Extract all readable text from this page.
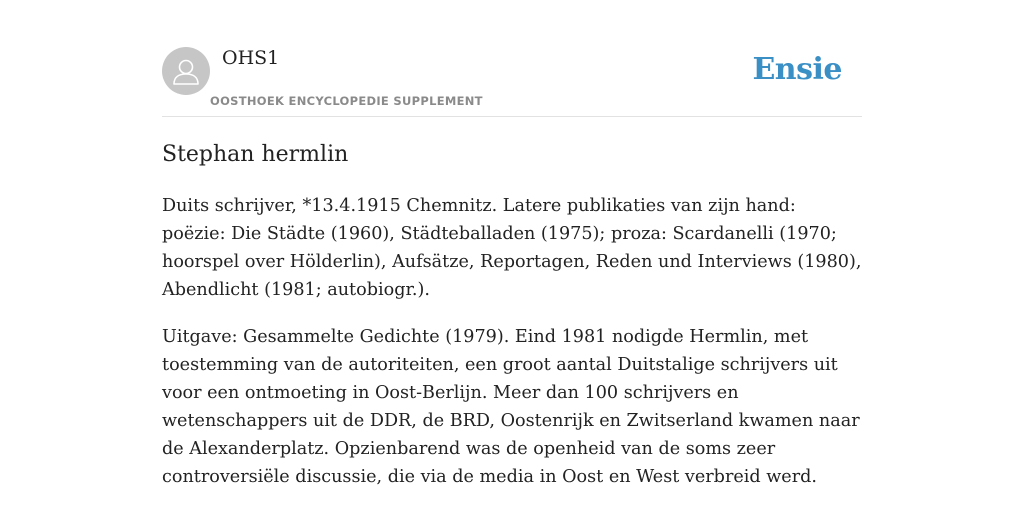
OHS1
OOSTHOEK ENCYCLOPEDIE SUPPLEMENT
Ensie
Stephan hermlin

Duits schrijver, *13.4.1915 Chemnitz. Latere publikaties van zijn hand: poëzie: Die Städte (1960), Städteballaden (1975); proza: Scardanelli (1970; hoorspel over Hölderlin), Aufsätze, Reportagen, Reden und Interviews (1980), Abendlicht (1981; autobiogr.).

Uitgave: Gesammelte Gedichte (1979). Eind 1981 nodigde Hermlin, met toestemming van de autoriteiten, een groot aantal Duitstalige schrijvers uit voor een ontmoeting in Oost-Berlijn. Meer dan 100 schrijvers en wetenschappers uit de DDR, de BRD, Oostenrijk en Zwitserland kwamen naar de Alexanderplatz. Opzienbarend was de openheid van de soms zeer controversiële discussie, die via de media in Oost en West verbreid werd.
